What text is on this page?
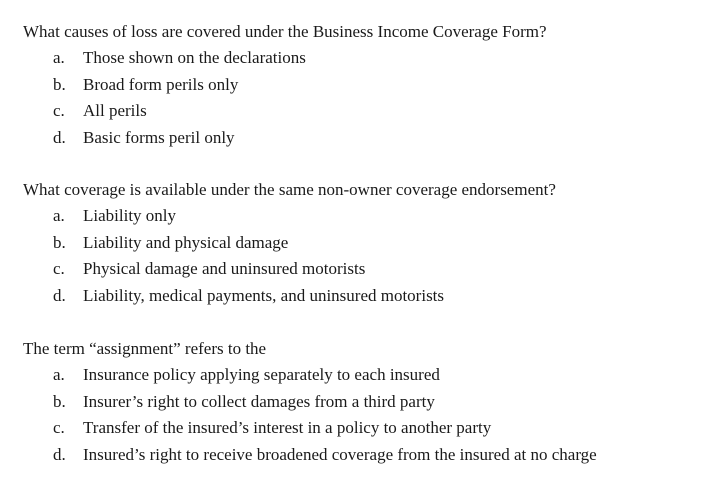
What causes of loss are covered under the Business Income Coverage Form?
a.	Those shown on the declarations
b.	Broad form perils only
c.	All perils
d.	Basic forms peril only
What coverage is available under the same non-owner coverage endorsement?
a.	Liability only
b.	Liability and physical damage
c.	Physical damage and uninsured motorists
d.	Liability, medical payments, and uninsured motorists
The term “assignment” refers to the
a.	Insurance policy applying separately to each insured
b.	Insurer’s right to collect damages from a third party
c.	Transfer of the insured’s interest in a policy to another party
d.	Insured’s right to receive broadened coverage from the insured at no charge
